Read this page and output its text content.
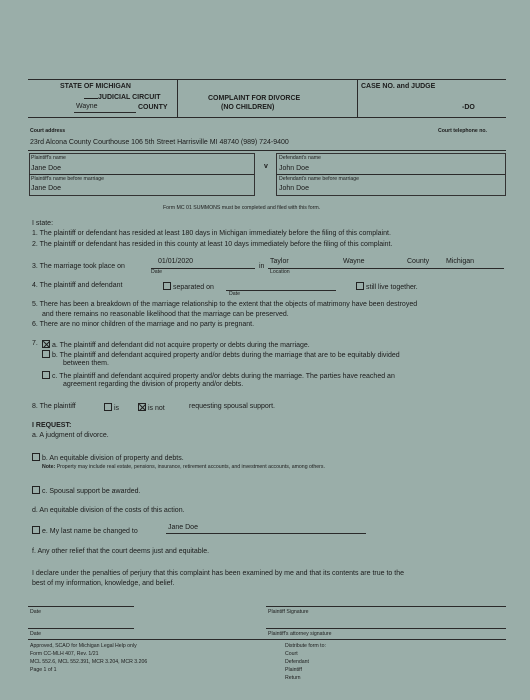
STATE OF MICHIGAN
JUDICIAL CIRCUIT
Wayne	COUNTY
COMPLAINT FOR DIVORCE
(NO CHILDREN)
CASE NO. and JUDGE
-DO
Court address	Court telephone no.
23rd Alcona County Courthouse 106 5th Street Harrisville MI 48740 (989) 724-9400
Plaintiff's name
Jane Doe
Plaintiff's name before marriage
Jane Doe
v
Defendant's name
John Doe
Defendant's name before marriage
John Doe
Form MC 01 SUMMONS must be completed and filed with this form.
I state:
1. The plaintiff or defendant has resided at least 180 days in Michigan immediately before the filing of this complaint.
2. The plaintiff or defendant has resided in this county at least 10 days immediately before the filing of this complaint.
3. The marriage took place on
01/01/2020
Date
in
Taylor	Wayne	County Michigan
Location
4. The plaintiff and defendant	separated on
Date
still live together.
5. There has been a breakdown of the marriage relationship to the extent that the objects of matrimony have been destroyed
and there remains no reasonable likelihood that the marriage can be preserved.
6. There are no minor children of the marriage and no party is pregnant.
7.	a. The plaintiff and defendant did not acquire property or debts during the marriage.
b. The plaintiff and defendant acquired property and/or debts during the marriage that are to be equitably divided
between them.
c. The plaintiff and defendant acquired property and/or debts during the marriage. The parties have reached an
agreement regarding the division of property and/or debts.
8. The plaintiff	is	is not	requesting spousal support.
I REQUEST:
a. A judgment of divorce.
b. An equitable division of property and debts.
Note: Property may include real estate, pensions, insurance, retirement accounts, and investment accounts, among others.
c. Spousal support be awarded.
d. An equitable division of the costs of this action.
e. My last name be changed to
Jane Doe
f. Any other relief that the court deems just and equitable.
I declare under the penalties of perjury that this complaint has been examined by me and that its contents are true to the
best of my information, knowledge, and belief.
Date	Plaintiff Signature
Date	Plaintiff's attorney signature
Approved, SCAO for Michigan Legal Help only
Form CC-MLH 407, Rev. 1/21
MCL 552.6, MCL 552.391, MCR 3.204, MCR 3.206
Page 1 of 1
Distribute form to:
Court
Defendant
Plaintiff
Return
